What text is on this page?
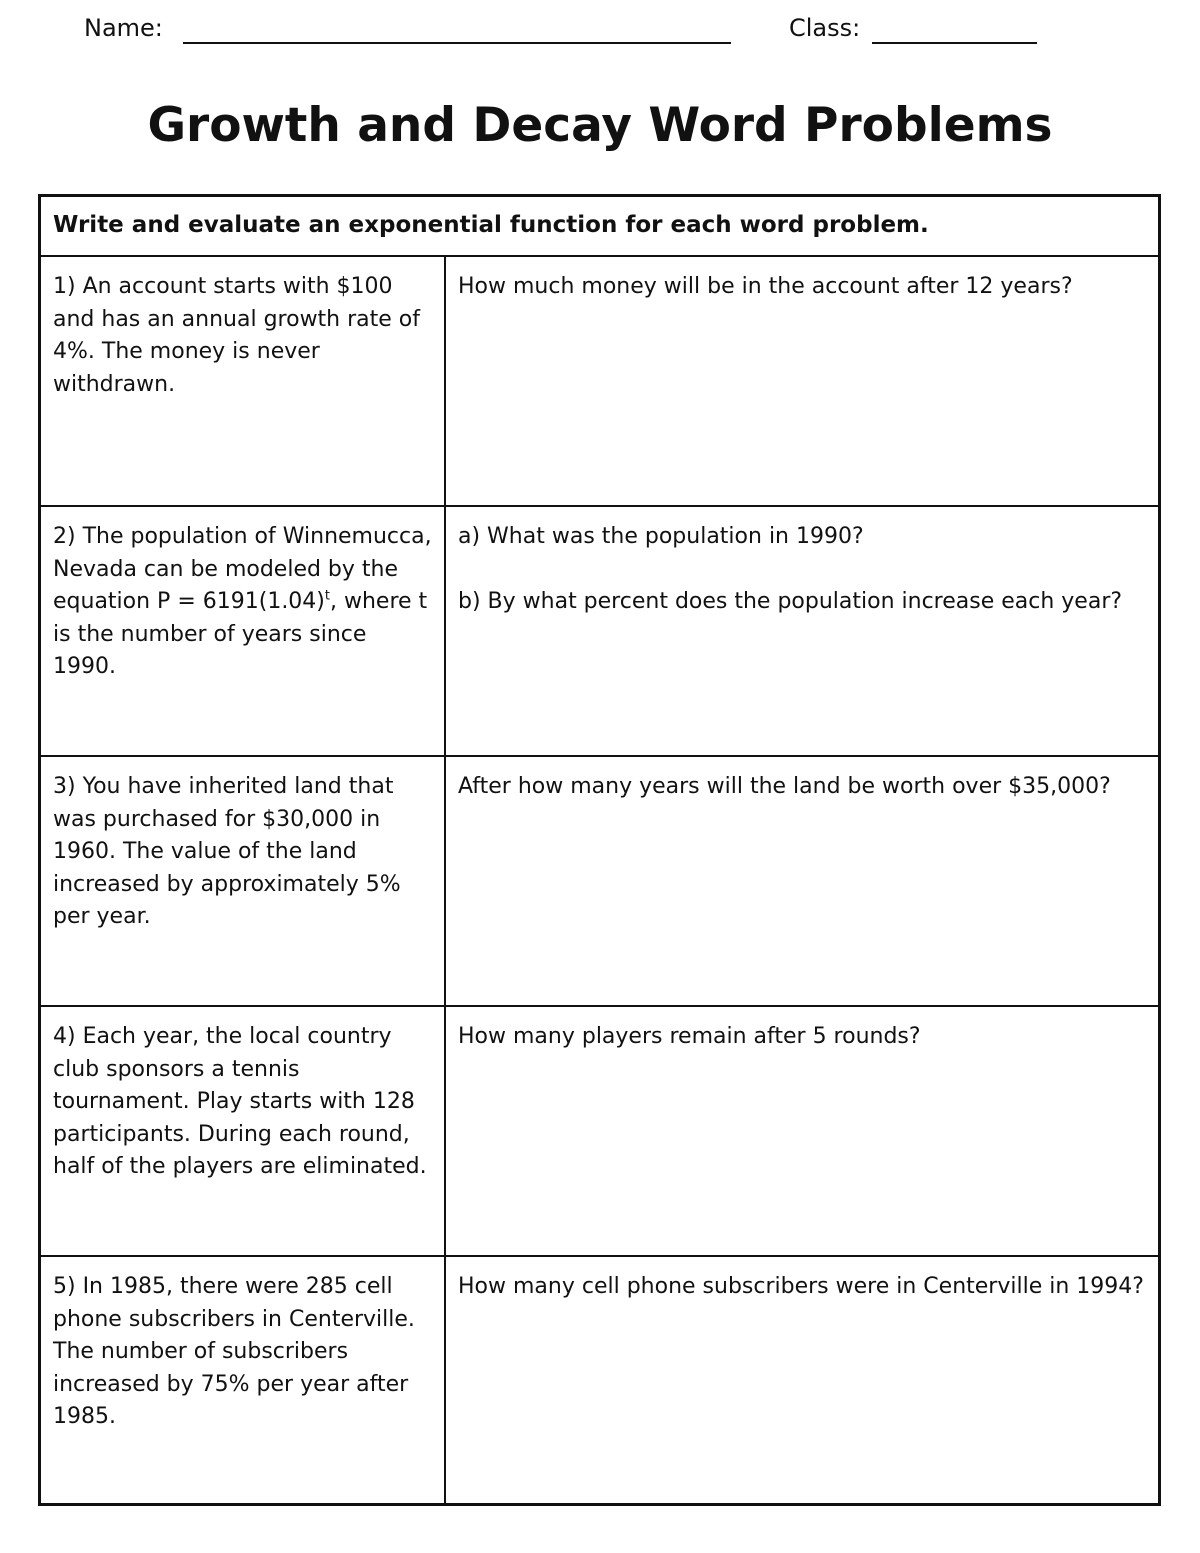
Name:	Class:
Growth and Decay Word Problems
Write and evaluate an exponential function for each word problem.
1) An account starts with $100 and has an annual growth rate of 4%. The money is never withdrawn.
How much money will be in the account after 12 years?
2) The population of Winnemucca, Nevada can be modeled by the equation $P = 6191(1.04)^t$, where t is the number of years since 1990.
a) What was the population in 1990?
b) By what percent does the population increase each year?
3) You have inherited land that was purchased for $30,000 in 1960. The value of the land increased by approximately 5% per year.
After how many years will the land be worth over $35,000?
4) Each year, the local country club sponsors a tennis tournament. Play starts with 128 participants. During each round, half of the players are eliminated.
How many players remain after 5 rounds?
5) In 1985, there were 285 cell phone subscribers in Centerville. The number of subscribers increased by 75% per year after 1985.
How many cell phone subscribers were in Centerville in 1994?
